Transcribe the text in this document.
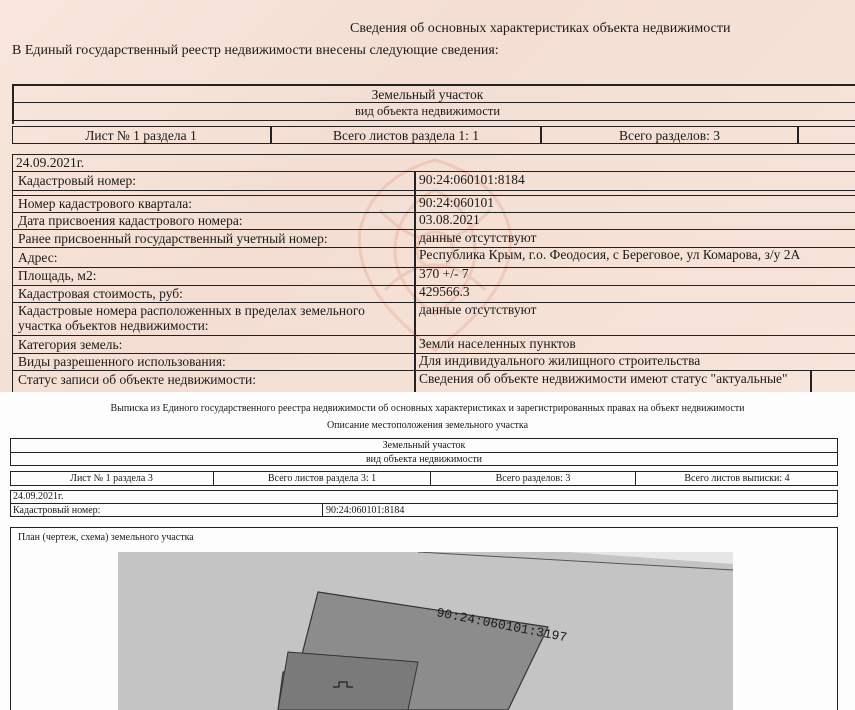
Сведения об основных характеристиках объекта недвижимости
В Единый государственный реестр недвижимости внесены следующие сведения:
Земельный участок
вид объекта недвижимости
Лист № 1 раздела 1	Всего листов раздела 1: 1	Всего разделов: 3
24.09.2021г.
Кадастровый номер:	90:24:060101:8184
Номер кадастрового квартала:	90:24:060101
Дата присвоения кадастрового номера:	03.08.2021
Ранее присвоенный государственный учетный номер:	данные отсутствуют
Адрес:	Республика Крым, г.о. Феодосия, с Береговое, ул Комарова, з/у 2А
Площадь, м2:	370 +/- 7
Кадастровая стоимость, руб:	429566.3
Кадастровые номера расположенных в пределах земельного
участка объектов недвижимости:
данные отсутствуют
Категория земель:	Земли населенных пунктов
Виды разрешенного использования:	Для индивидуального жилищного строительства
Статус записи об объекте недвижимости:	Сведения об объекте недвижимости имеют статус "актуальные"
Выписка из Единого государственного реестра недвижимости об основных характеристиках и зарегистрированных правах на объект недвижимости
Описание местоположения земельного участка
Земельный участок
вид объекта недвижимости
Лист № 1 раздела 3	Всего листов раздела 3: 1	Всего разделов: 3	Всего листов выписки: 4
24.09.2021г.
Кадастровый номер:	90:24:060101:8184
План (чертеж, схема) земельного участка
90:24:060101:3197
